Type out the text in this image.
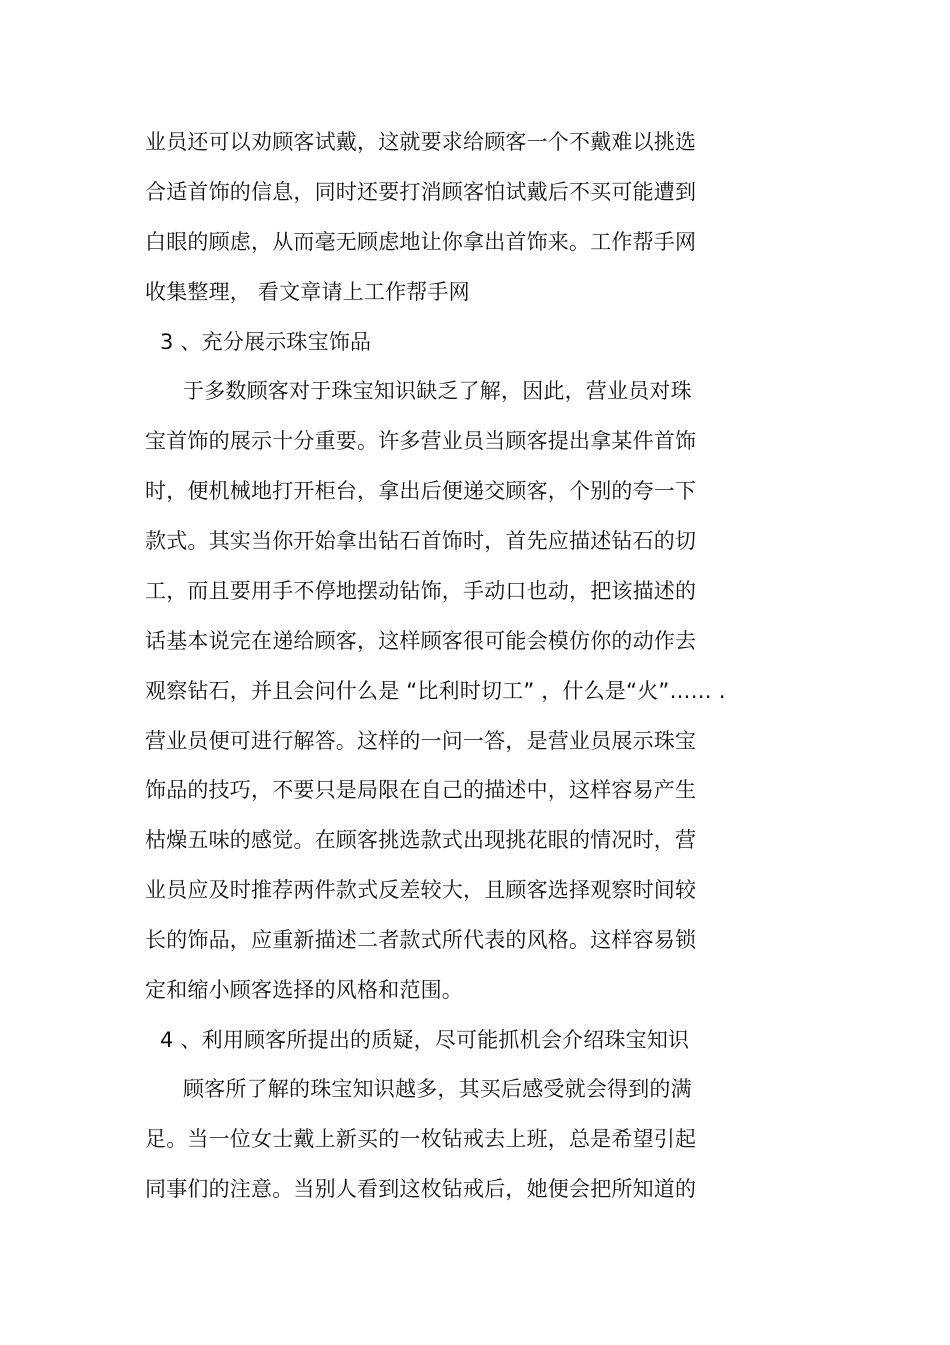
业员还可以劝顾客试戴，这就要求给顾客一个不戴难以挑选
合适首饰的信息，同时还要打消顾客怕试戴后不买可能遭到
白眼的顾虑，从而毫无顾虑地让你拿出首饰来。工作帮手网
收集整理， 看文章请上工作帮手网
3 、充分展示珠宝饰品
于多数顾客对于珠宝知识缺乏了解，因此，营业员对珠
宝首饰的展示十分重要。许多营业员当顾客提出拿某件首饰
时，便机械地打开柜台，拿出后便递交顾客，个别的夸一下
款式。其实当你开始拿出钻石首饰时，首先应描述钻石的切
工，而且要用手不停地摆动钻饰，手动口也动，把该描述的
话基本说完在递给顾客，这样顾客很可能会模仿你的动作去
观察钻石，并且会问什么是 “比利时切工” ，什么是“火”…… .
营业员便可进行解答。这样的一问一答，是营业员展示珠宝
饰品的技巧，不要只是局限在自己的描述中，这样容易产生
枯燥五味的感觉。在顾客挑选款式出现挑花眼的情况时，营
业员应及时推荐两件款式反差较大，且顾客选择观察时间较
长的饰品，应重新描述二者款式所代表的风格。这样容易锁
定和缩小顾客选择的风格和范围。
4 、利用顾客所提出的质疑，尽可能抓机会介绍珠宝知识
顾客所了解的珠宝知识越多，其买后感受就会得到的满
足。当一位女士戴上新买的一枚钻戒去上班，总是希望引起
同事们的注意。当别人看到这枚钻戒后，她便会把所知道的
